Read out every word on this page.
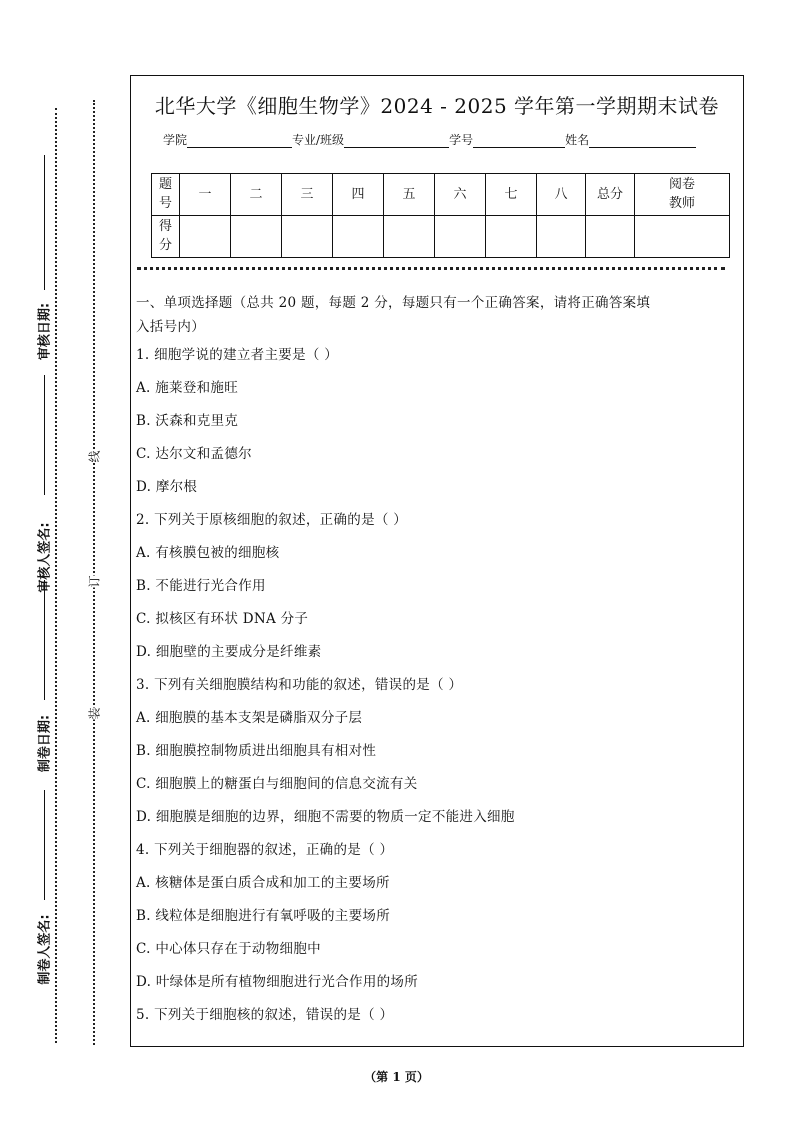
审核日期:
审核人签名:
制卷日期:
制卷人签名:
线
订
装
北华大学《细胞生物学》2024 - 2025 学年第一学期期末试卷
学院	专业/班级	学号	姓名
题号	一	二	三	四	五	六	七	八	总分	阅卷教师
得分										
一、单项选择题（总共 20 题，每题 2 分，每题只有一个正确答案，请将正确答案填
入括号内）
1. 细胞学说的建立者主要是（ ）
A. 施莱登和施旺
B. 沃森和克里克
C. 达尔文和孟德尔
D. 摩尔根
2. 下列关于原核细胞的叙述，正确的是（ ）
A. 有核膜包被的细胞核
B. 不能进行光合作用
C. 拟核区有环状 DNA 分子
D. 细胞壁的主要成分是纤维素
3. 下列有关细胞膜结构和功能的叙述，错误的是（ ）
A. 细胞膜的基本支架是磷脂双分子层
B. 细胞膜控制物质进出细胞具有相对性
C. 细胞膜上的糖蛋白与细胞间的信息交流有关
D. 细胞膜是细胞的边界，细胞不需要的物质一定不能进入细胞
4. 下列关于细胞器的叙述，正确的是（ ）
A. 核糖体是蛋白质合成和加工的主要场所
B. 线粒体是细胞进行有氧呼吸的主要场所
C. 中心体只存在于动物细胞中
D. 叶绿体是所有植物细胞进行光合作用的场所
5. 下列关于细胞核的叙述，错误的是（ ）
（第 1 页）
